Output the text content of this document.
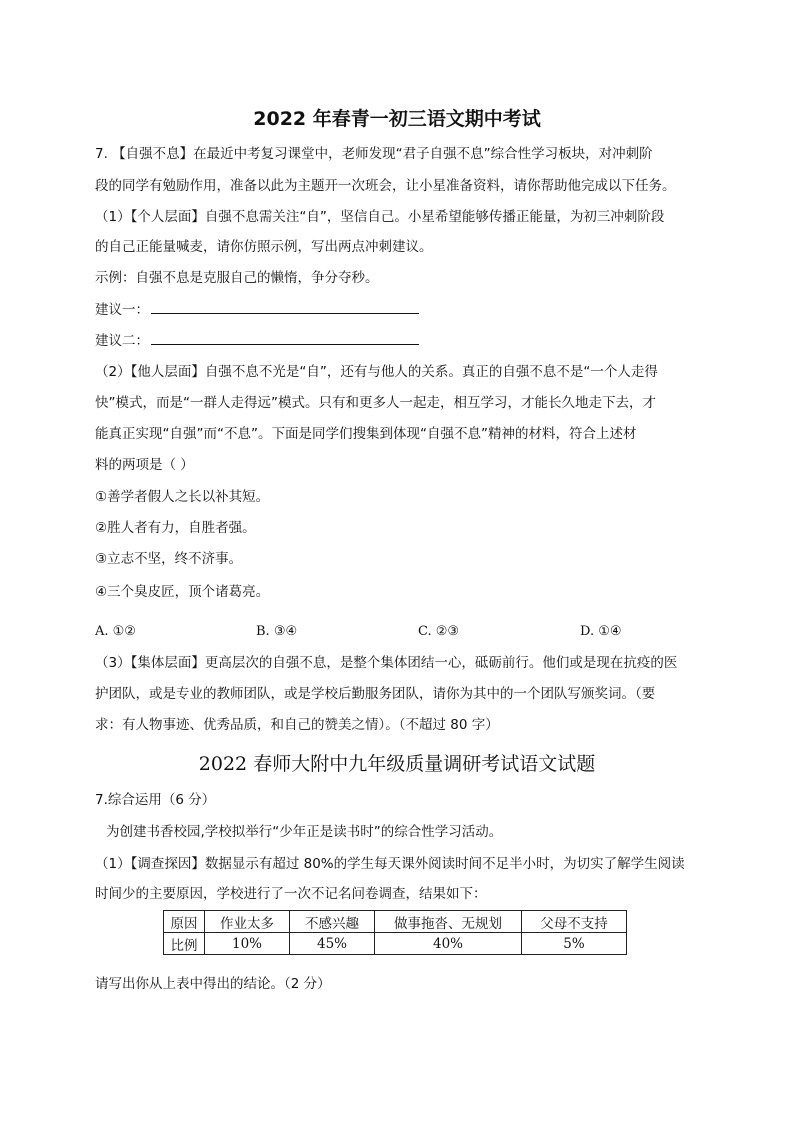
2022 年春青一初三语文期中考试
7. 【自强不息】在最近中考复习课堂中，老师发现“君子自强不息”综合性学习板块，对冲刺阶
段的同学有勉励作用，准备以此为主题开一次班会，让小星准备资料，请你帮助他完成以下任务。
（1）【个人层面】自强不息需关注“自”，坚信自己。小星希望能够传播正能量，为初三冲刺阶段
的自己正能量喊麦，请你仿照示例，写出两点冲刺建议。
示例：自强不息是克服自己的懒惰，争分夺秒。
建议一：
建议二：
（2）【他人层面】自强不息不光是“自”，还有与他人的关系。真正的自强不息不是“一个人走得
快”模式，而是“一群人走得远”模式。只有和更多人一起走，相互学习，才能长久地走下去，才
能真正实现“自强”而“不息”。下面是同学们搜集到体现“自强不息”精神的材料，符合上述材
料的两项是（ ）
①善学者假人之长以补其短。
②胜人者有力，自胜者强。
③立志不坚，终不济事。
④三个臭皮匠，顶个诸葛亮。
A. ①②	B. ③④	C. ②③	D. ①④
（3）【集体层面】更高层次的自强不息，是整个集体团结一心，砥砺前行。他们或是现在抗疫的医
护团队，或是专业的教师团队，或是学校后勤服务团队，请你为其中的一个团队写颁奖词。（要
求：有人物事迹、优秀品质，和自己的赞美之情）。（不超过 80 字）
2022 春师大附中九年级质量调研考试语文试题
7.综合运用（6 分）
为创建书香校园,学校拟举行“少年正是读书时”的综合性学习活动。
（1）【调查探因】数据显示有超过 80%的学生每天课外阅读时间不足半小时，为切实了解学生阅读
时间少的主要原因，学校进行了一次不记名问卷调查，结果如下：
原因	作业太多	不感兴趣	做事拖沓、无规划	父母不支持
比例	10%	45%	40%	5%
请写出你从上表中得出的结论。（2 分）
